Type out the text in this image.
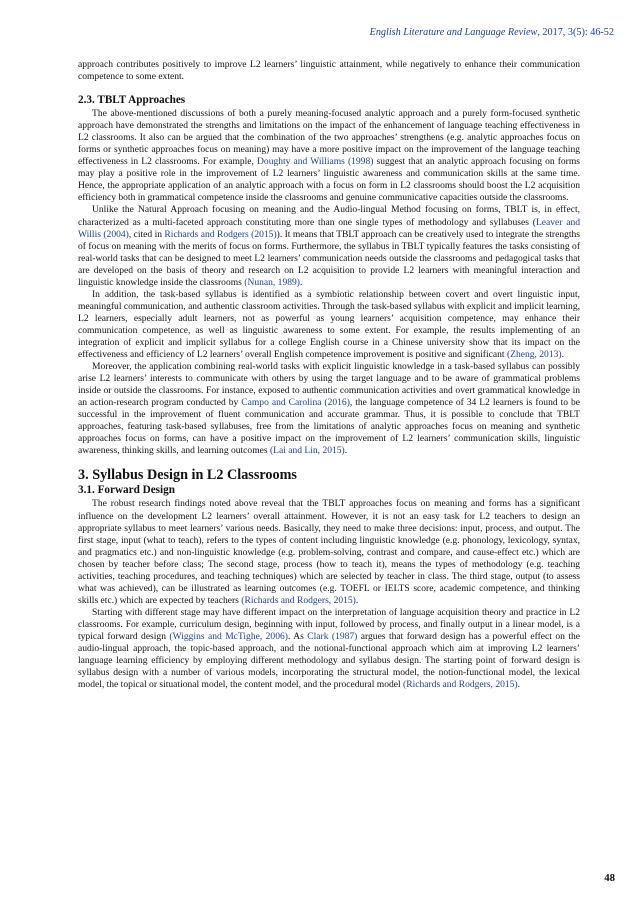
English Literature and Language Review, 2017, 3(5): 46-52

approach contributes positively to improve L2 learners’ linguistic attainment, while negatively to enhance their communication competence to some extent.

2.3. TBLT Approaches

The above-mentioned discussions of both a purely meaning-focused analytic approach and a purely form-focused synthetic approach have demonstrated the strengths and limitations on the impact of the enhancement of language teaching effectiveness in L2 classrooms. It also can be argued that the combination of the two approaches’ strengthens (e.g. analytic approaches focus on forms or synthetic approaches focus on meaning) may have a more positive impact on the improvement of the language teaching effectiveness in L2 classrooms. For example, Doughty and Williams (1998) suggest that an analytic approach focusing on forms may play a positive role in the improvement of L2 learners’ linguistic awareness and communication skills at the same time. Hence, the appropriate application of an analytic approach with a focus on form in L2 classrooms should boost the L2 acquisition efficiency both in grammatical competence inside the classrooms and genuine communicative capacities outside the classrooms.

Unlike the Natural Approach focusing on meaning and the Audio-lingual Method focusing on forms, TBLT is, in effect, characterized as a multi-faceted approach constituting more than one single types of methodology and syllabuses (Leaver and Willis (2004), cited in Richards and Rodgers (2015)). It means that TBLT approach can be creatively used to integrate the strengths of focus on meaning with the merits of focus on forms. Furthermore, the syllabus in TBLT typically features the tasks consisting of real-world tasks that can be designed to meet L2 learners’ communication needs outside the classrooms and pedagogical tasks that are developed on the basis of theory and research on L2 acquisition to provide L2 learners with meaningful interaction and linguistic knowledge inside the classrooms (Nunan, 1989).

In addition, the task-based syllabus is identified as a symbiotic relationship between covert and overt linguistic input, meaningful communication, and authentic classroom activities. Through the task-based syllabus with explicit and implicit learning, L2 learners, especially adult learners, not as powerful as young learners’ acquisition competence, may enhance their communication competence, as well as linguistic awareness to some extent. For example, the results implementing of an integration of explicit and implicit syllabus for a college English course in a Chinese university show that its impact on the effectiveness and efficiency of L2 learners’ overall English competence improvement is positive and significant (Zheng, 2013).

Moreover, the application combining real-world tasks with explicit linguistic knowledge in a task-based syllabus can possibly arise L2 learners’ interests to communicate with others by using the target language and to be aware of grammatical problems inside or outside the classrooms. For instance, exposed to authentic communication activities and overt grammatical knowledge in an action-research program conducted by Campo and Carolina (2016), the language competence of 34 L2 learners is found to be successful in the improvement of fluent communication and accurate grammar. Thus, it is possible to conclude that TBLT approaches, featuring task-based syllabuses, free from the limitations of analytic approaches focus on meaning and synthetic approaches focus on forms, can have a positive impact on the improvement of L2 learners’ communication skills, linguistic awareness, thinking skills, and learning outcomes (Lai and Lin, 2015).

3. Syllabus Design in L2 Classrooms
3.1. Forward Design

The robust research findings noted above reveal that the TBLT approaches focus on meaning and forms has a significant influence on the development L2 learners’ overall attainment. However, it is not an easy task for L2 teachers to design an appropriate syllabus to meet learners’ various needs. Basically, they need to make three decisions: input, process, and output. The first stage, input (what to teach), refers to the types of content including linguistic knowledge (e.g. phonology, lexicology, syntax, and pragmatics etc.) and non-linguistic knowledge (e.g. problem-solving, contrast and compare, and cause-effect etc.) which are chosen by teacher before class; The second stage, process (how to teach it), means the types of methodology (e.g. teaching activities, teaching procedures, and teaching techniques) which are selected by teacher in class. The third stage, output (to assess what was achieved), can be illustrated as learning outcomes (e.g. TOEFL or IELTS score, academic competence, and thinking skills etc.) which are expected by teachers (Richards and Rodgers, 2015).

Starting with different stage may have different impact on the interpretation of language acquisition theory and practice in L2 classrooms. For example, curriculum design, beginning with input, followed by process, and finally output in a linear model, is a typical forward design (Wiggins and McTighe, 2006). As Clark (1987) argues that forward design has a powerful effect on the audio-lingual approach, the topic-based approach, and the notional-functional approach which aim at improving L2 learners’ language learning efficiency by employing different methodology and syllabus design. The starting point of forward design is syllabus design with a number of various models, incorporating the structural model, the notion-functional model, the lexical model, the topical or situational model, the content model, and the procedural model (Richards and Rodgers, 2015).

48
